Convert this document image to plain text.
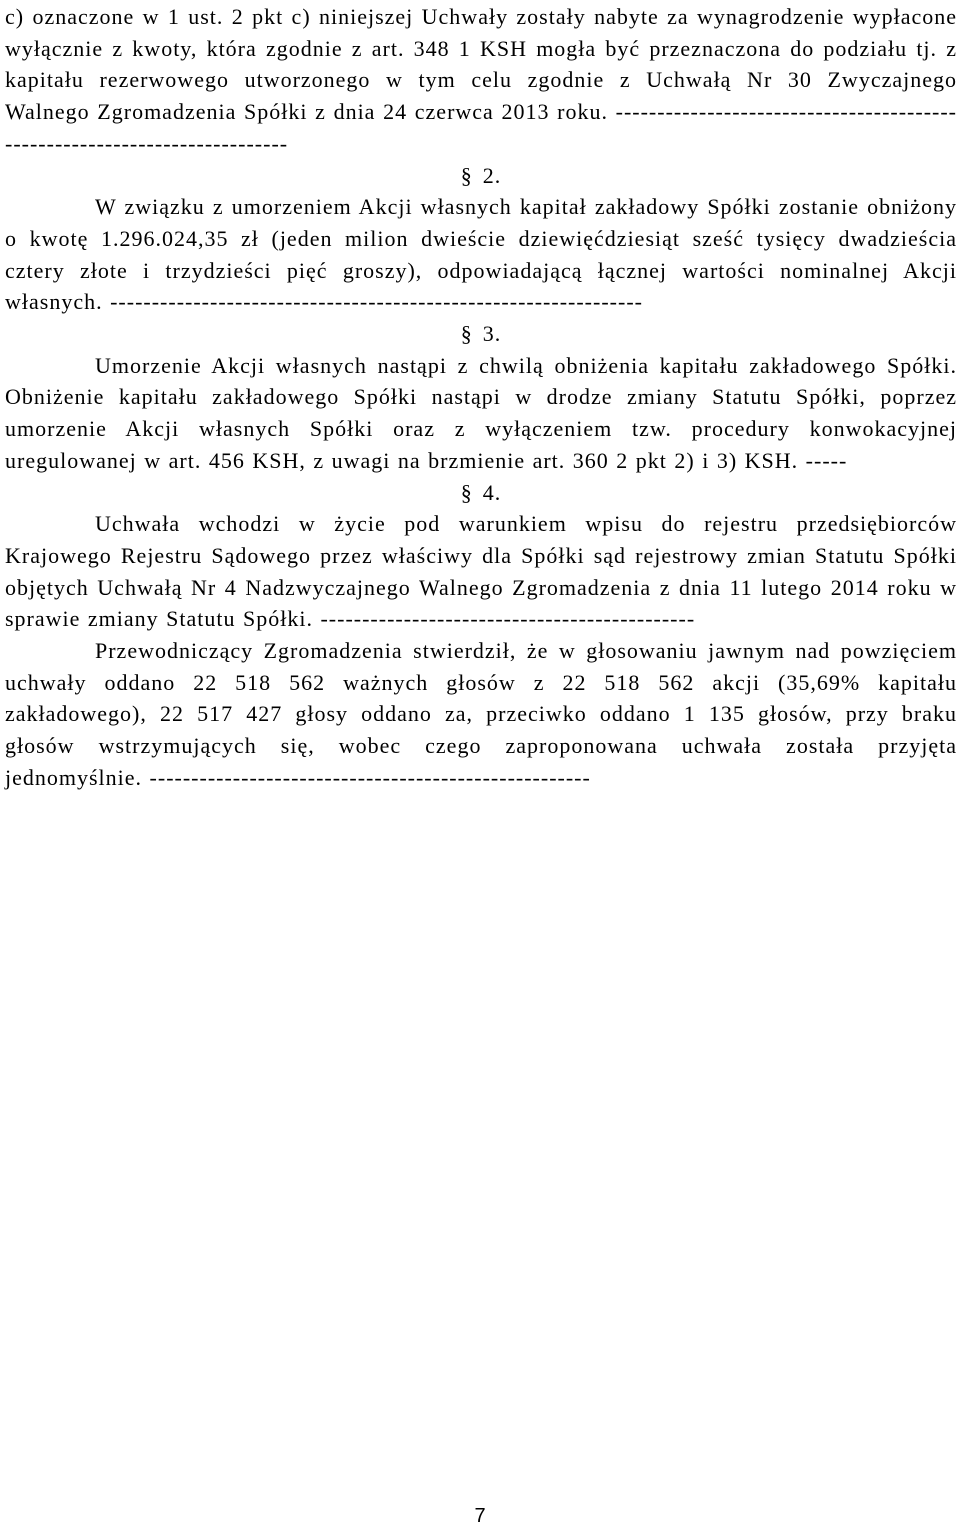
c) oznaczone w 1 ust. 2 pkt c) niniejszej Uchwały zostały nabyte za wynagrodzenie wypłacone wyłącznie z kwoty, która zgodnie z art. 348 1 KSH mogła być przeznaczona do podziału tj. z kapitału rezerwowego utworzonego w tym celu zgodnie z Uchwałą Nr 30 Zwyczajnego Walnego Zgromadzenia Spółki z dnia 24 czerwca 2013 roku. ---------------------------------------------------------------------------

§ 2.

W związku z umorzeniem Akcji własnych kapitał zakładowy Spółki zostanie obniżony o kwotę 1.296.024,35 zł (jeden milion dwieście dziewięćdziesiąt sześć tysięcy dwadzieścia cztery złote i trzydzieści pięć groszy), odpowiadającą łącznej wartości nominalnej Akcji własnych. ----------------------------------------------------------------

§ 3.

Umorzenie Akcji własnych nastąpi z chwilą obniżenia kapitału zakładowego Spółki. Obniżenie kapitału zakładowego Spółki nastąpi w drodze zmiany Statutu Spółki, poprzez umorzenie Akcji własnych Spółki oraz z wyłączeniem tzw. procedury konwokacyjnej uregulowanej w art. 456 KSH, z uwagi na brzmienie art. 360 2 pkt 2) i 3) KSH. -----

§ 4.

Uchwała wchodzi w życie pod warunkiem wpisu do rejestru przedsiębiorców Krajowego Rejestru Sądowego przez właściwy dla Spółki sąd rejestrowy zmian Statutu Spółki objętych Uchwałą Nr 4 Nadzwyczajnego Walnego Zgromadzenia z dnia 11 lutego 2014 roku w sprawie zmiany Statutu Spółki. ---------------------------------------------

Przewodniczący Zgromadzenia stwierdził, że w głosowaniu jawnym nad powzięciem uchwały oddano 22 518 562 ważnych głosów z 22 518 562 akcji (35,69% kapitału zakładowego), 22 517 427 głosy oddano za, przeciwko oddano 1 135 głosów, przy braku głosów wstrzymujących się, wobec czego zaproponowana uchwała została przyjęta jednomyślnie. -----------------------------------------------------

7
